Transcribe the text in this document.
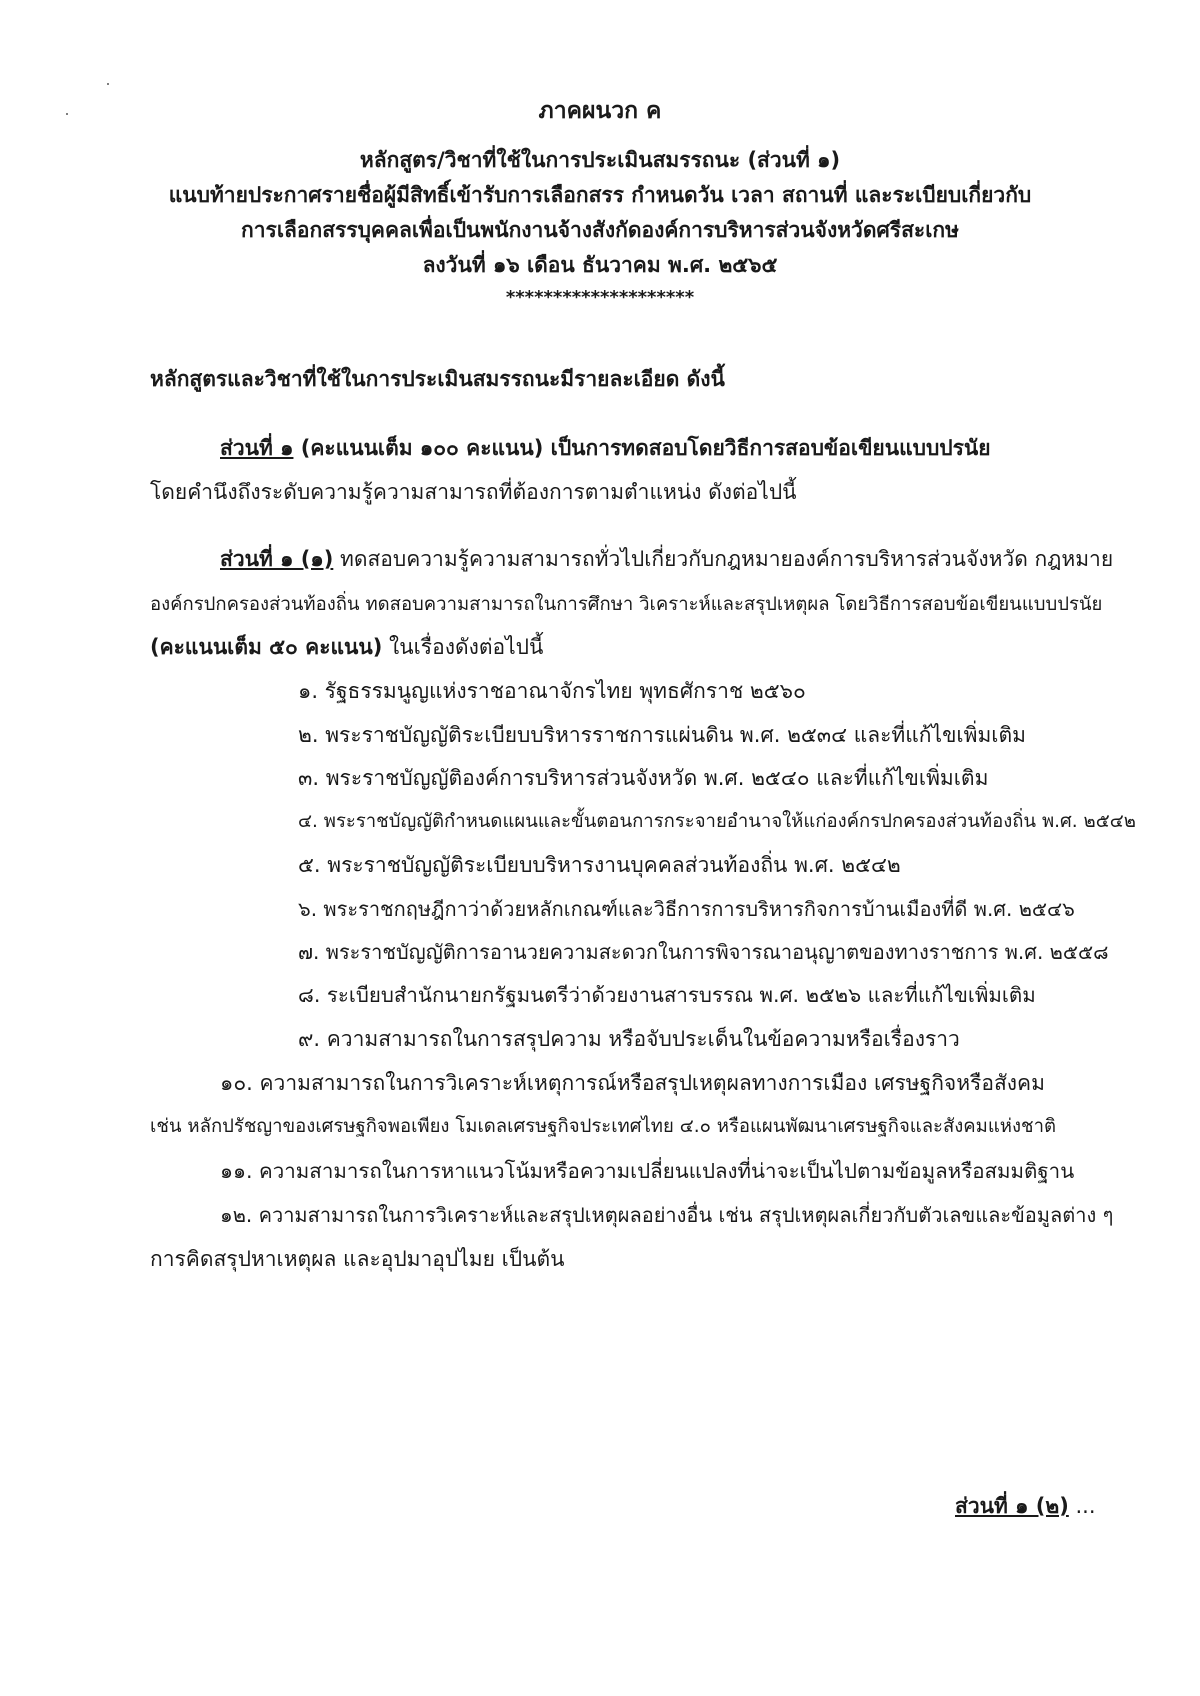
ภาคผนวก ค
หลักสูตร/วิชาที่ใช้ในการประเมินสมรรถนะ (ส่วนที่ ๑)
แนบท้ายประกาศรายชื่อผู้มีสิทธิ์เข้ารับการเลือกสรร กำหนดวัน เวลา สถานที่ และระเบียบเกี่ยวกับ
การเลือกสรรบุคคลเพื่อเป็นพนักงานจ้างสังกัดองค์การบริหารส่วนจังหวัดศรีสะเกษ
ลงวันที่ ๑๖ เดือน ธันวาคม พ.ศ. ๒๕๖๕
********************
หลักสูตรและวิชาที่ใช้ในการประเมินสมรรถนะมีรายละเอียด ดังนี้
ส่วนที่ ๑ (คะแนนเต็ม ๑๐๐ คะแนน) เป็นการทดสอบโดยวิธีการสอบข้อเขียนแบบปรนัย
โดยคำนึงถึงระดับความรู้ความสามารถที่ต้องการตามตำแหน่ง ดังต่อไปนี้
ส่วนที่ ๑ (๑) ทดสอบความรู้ความสามารถทั่วไปเกี่ยวกับกฎหมายองค์การบริหารส่วนจังหวัด กฎหมาย
องค์กรปกครองส่วนท้องถิ่น ทดสอบความสามารถในการศึกษา วิเคราะห์และสรุปเหตุผล โดยวิธีการสอบข้อเขียนแบบปรนัย
(คะแนนเต็ม ๕๐ คะแนน) ในเรื่องดังต่อไปนี้
๑. รัฐธรรมนูญแห่งราชอาณาจักรไทย พุทธศักราช ๒๕๖๐
๒. พระราชบัญญัติระเบียบบริหารราชการแผ่นดิน พ.ศ. ๒๕๓๔ และที่แก้ไขเพิ่มเติม
๓. พระราชบัญญัติองค์การบริหารส่วนจังหวัด พ.ศ. ๒๕๔๐ และที่แก้ไขเพิ่มเติม
๔. พระราชบัญญัติกำหนดแผนและขั้นตอนการกระจายอำนาจให้แก่องค์กรปกครองส่วนท้องถิ่น พ.ศ. ๒๕๔๒
๕. พระราชบัญญัติระเบียบบริหารงานบุคคลส่วนท้องถิ่น พ.ศ. ๒๕๔๒
๖. พระราชกฤษฎีกาว่าด้วยหลักเกณฑ์และวิธีการการบริหารกิจการบ้านเมืองที่ดี พ.ศ. ๒๕๔๖
๗. พระราชบัญญัติการอานวยความสะดวกในการพิจารณาอนุญาตของทางราชการ พ.ศ. ๒๕๕๘
๘. ระเบียบสำนักนายกรัฐมนตรีว่าด้วยงานสารบรรณ พ.ศ. ๒๕๒๖ และที่แก้ไขเพิ่มเติม
๙. ความสามารถในการสรุปความ หรือจับประเด็นในข้อความหรือเรื่องราว
๑๐. ความสามารถในการวิเคราะห์เหตุการณ์หรือสรุปเหตุผลทางการเมือง เศรษฐกิจหรือสังคม
เช่น หลักปรัชญาของเศรษฐกิจพอเพียง โมเดลเศรษฐกิจประเทศไทย ๔.๐ หรือแผนพัฒนาเศรษฐกิจและสังคมแห่งชาติ
๑๑. ความสามารถในการหาแนวโน้มหรือความเปลี่ยนแปลงที่น่าจะเป็นไปตามข้อมูลหรือสมมติฐาน
๑๒. ความสามารถในการวิเคราะห์และสรุปเหตุผลอย่างอื่น เช่น สรุปเหตุผลเกี่ยวกับตัวเลขและข้อมูลต่าง ๆ
การคิดสรุปหาเหตุผล และอุปมาอุปไมย เป็นต้น
ส่วนที่ ๑ (๒) ...
